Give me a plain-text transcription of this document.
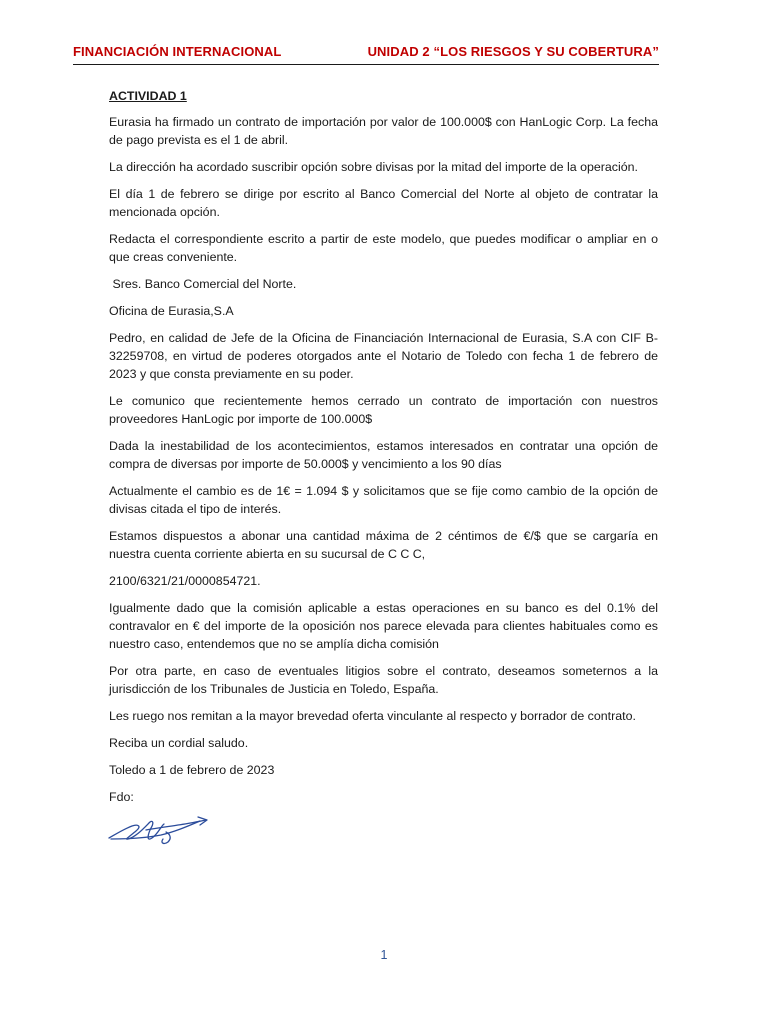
FINANCIACIÓN INTERNACIONAL	UNIDAD 2 “LOS RIESGOS Y SU COBERTURA”

ACTIVIDAD 1

Eurasia ha firmado un contrato de importación por valor de 100.000$ con HanLogic Corp. La fecha de pago prevista es el 1 de abril.

La dirección ha acordado suscribir opción sobre divisas por la mitad del importe de la operación.

El día 1 de febrero se dirige por escrito al Banco Comercial del Norte al objeto de contratar la mencionada opción.

Redacta el correspondiente escrito a partir de este modelo, que puedes modificar o ampliar en o que creas conveniente.

Sres. Banco Comercial del Norte.

Oficina de Eurasia,S.A

Pedro, en calidad de Jefe de la Oficina de Financiación Internacional de Eurasia, S.A con CIF B-32259708, en virtud de poderes otorgados ante el Notario de Toledo con fecha 1 de febrero de 2023 y que consta previamente en su poder.

Le comunico que recientemente hemos cerrado un contrato de importación con nuestros proveedores HanLogic por importe de 100.000$

Dada la inestabilidad de los acontecimientos, estamos interesados en contratar una opción de compra de diversas por importe de 50.000$ y vencimiento a los 90 días

Actualmente el cambio es de 1€ = 1.094 $ y solicitamos que se fije como cambio de la opción de divisas citada el tipo de interés.

Estamos dispuestos a abonar una cantidad máxima de 2 céntimos de €/$ que se cargaría en nuestra cuenta corriente abierta en su sucursal de C C C,

2100/6321/21/0000854721.

Igualmente dado que la comisión aplicable a estas operaciones en su banco es del 0.1% del contravalor en € del importe de la oposición nos parece elevada para clientes habituales como es nuestro caso, entendemos que no se amplía dicha comisión

Por otra parte, en caso de eventuales litigios sobre el contrato, deseamos someternos a la jurisdicción de los Tribunales de Justicia en Toledo, España.

Les ruego nos remitan a la mayor brevedad oferta vinculante al respecto y borrador de contrato.

Reciba un cordial saludo.

Toledo a 1 de febrero de 2023

Fdo:

1
